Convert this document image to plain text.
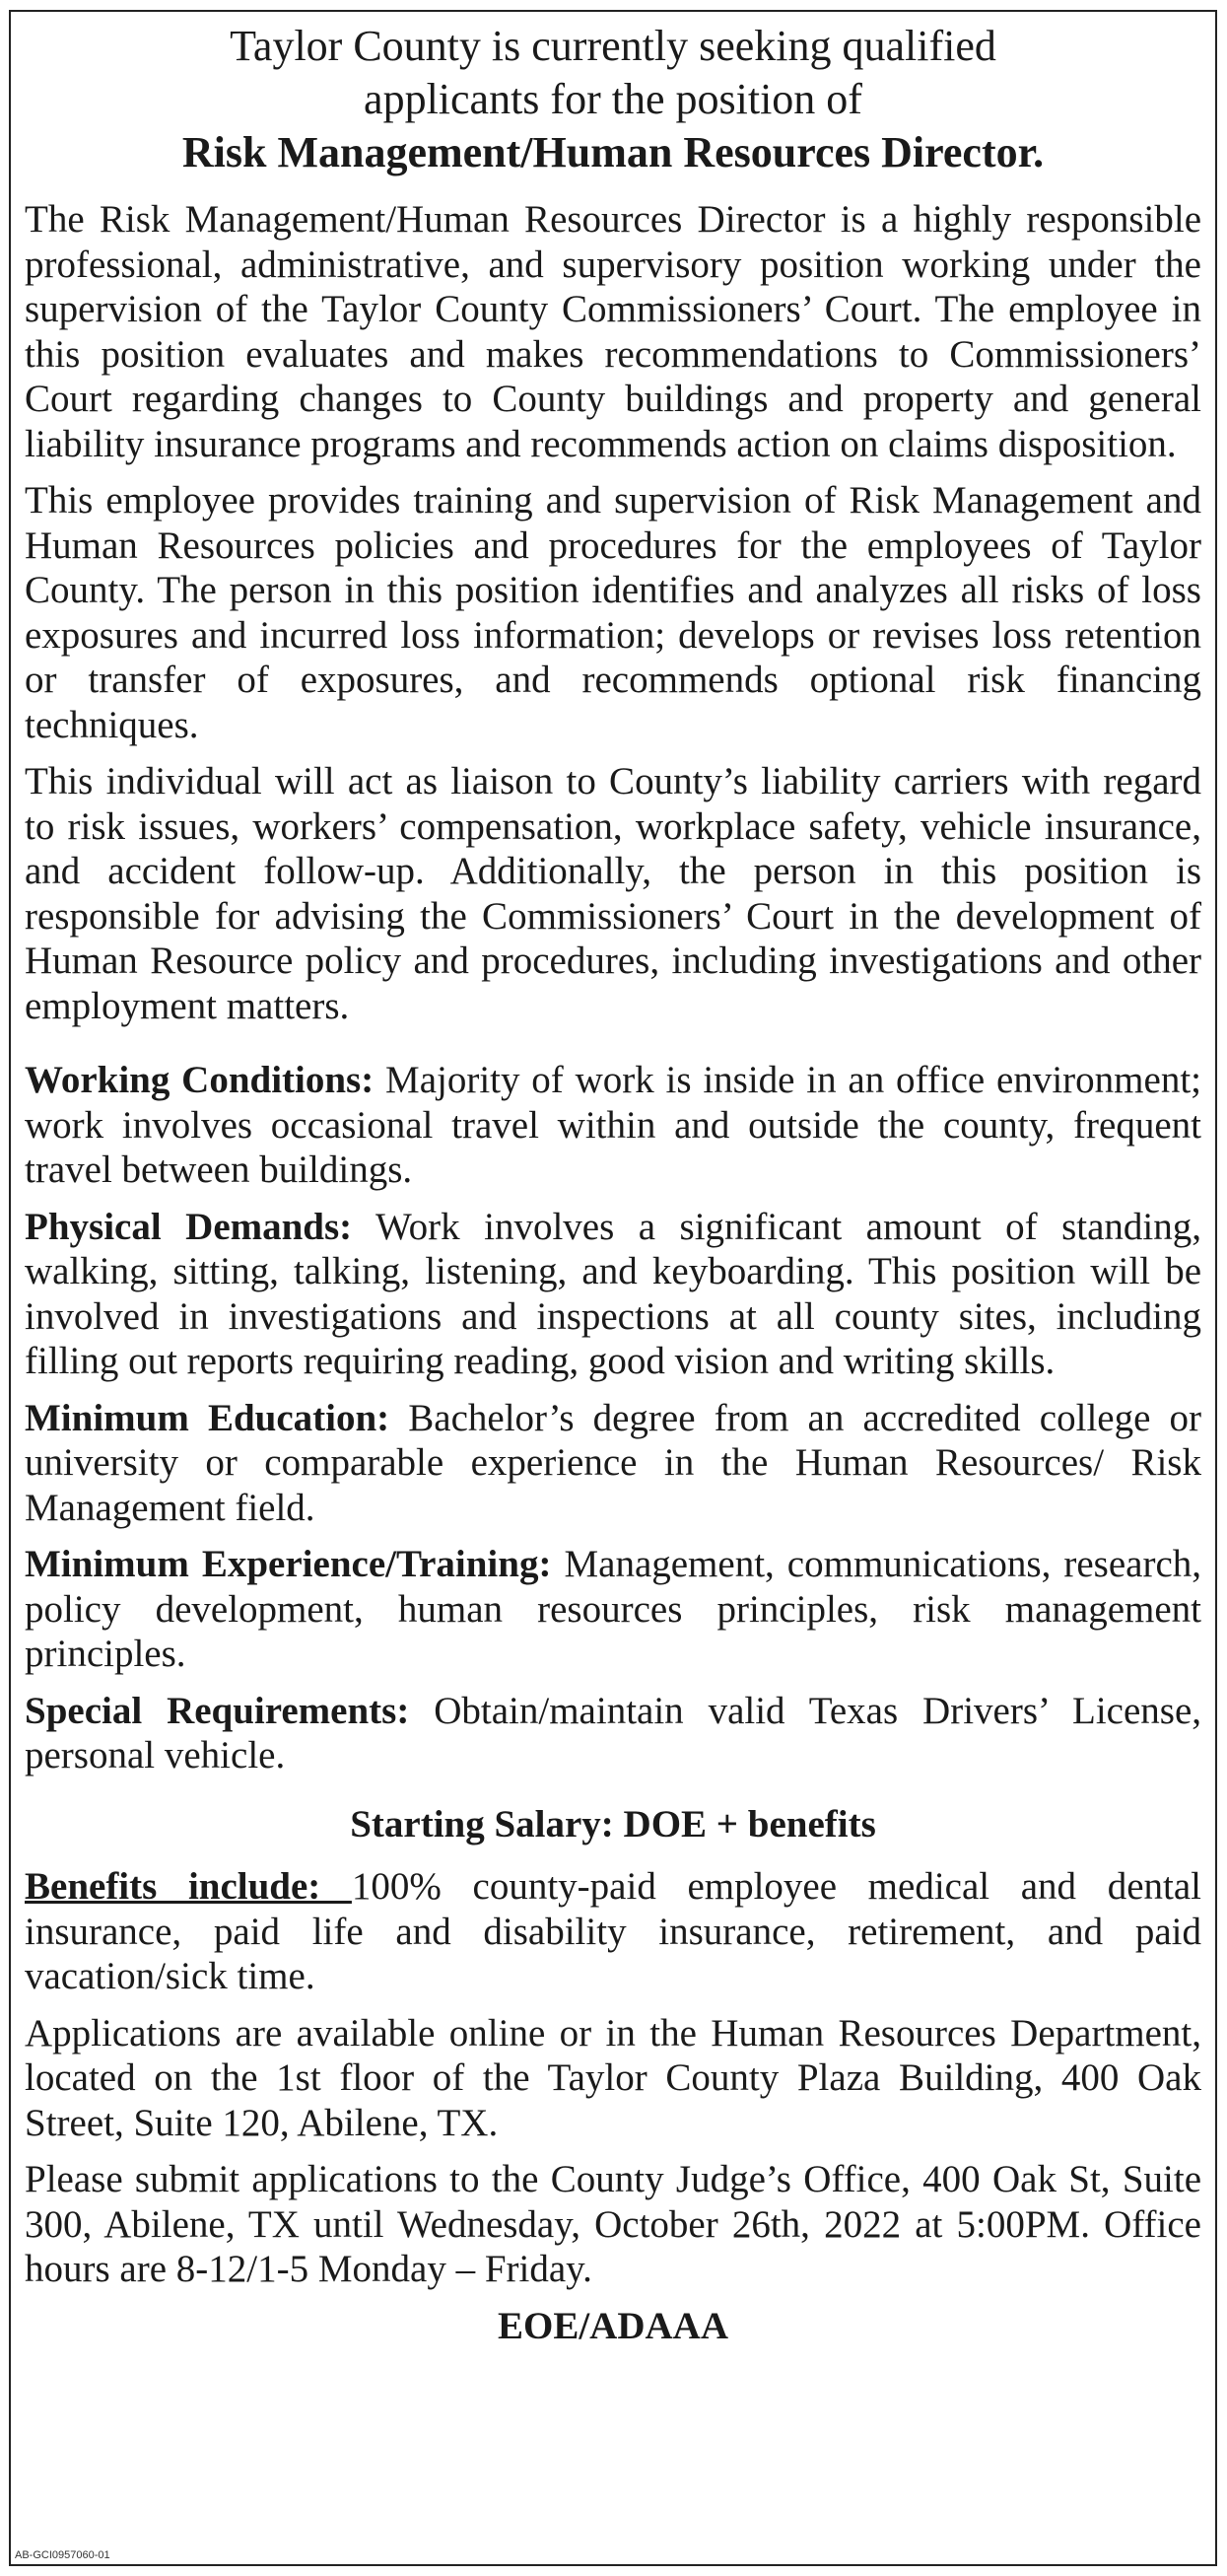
Taylor County is currently seeking qualified
applicants for the position of
Risk Management/Human Resources Director.

The Risk Management/Human Resources Director is a highly responsible professional, administrative, and supervisory position working under the supervision of the Taylor County Commissioners’ Court. The employee in this position evaluates and makes recommendations to Commissioners’ Court regarding changes to County buildings and property and general liability insurance programs and recommends action on claims disposition.

This employee provides training and supervision of Risk Management and Human Resources policies and procedures for the employees of Taylor County. The person in this position identifies and analyzes all risks of loss exposures and incurred loss information; develops or revises loss retention or transfer of exposures, and recommends optional risk financing techniques.

This individual will act as liaison to County’s liability carriers with regard to risk issues, workers’ compensation, workplace safety, vehicle insurance, and accident follow-up. Additionally, the person in this position is responsible for advising the Commissioners’ Court in the development of Human Resource policy and procedures, including investigations and other employment matters.

Working Conditions: Majority of work is inside in an office environment; work involves occasional travel within and outside the county, frequent travel between buildings.

Physical Demands: Work involves a significant amount of standing, walking, sitting, talking, listening, and keyboarding. This position will be involved in investigations and inspections at all county sites, including filling out reports requiring reading, good vision and writing skills.

Minimum Education: Bachelor’s degree from an accredited college or university or comparable experience in the Human Resources/ Risk Management field.

Minimum Experience/Training: Management, communications, research, policy development, human resources principles, risk management principles.

Special Requirements: Obtain/maintain valid Texas Drivers’ License, personal vehicle.

Starting Salary: DOE + benefits

Benefits include: 100% county-paid employee medical and dental insurance, paid life and disability insurance, retirement, and paid vacation/sick time.

Applications are available online or in the Human Resources Department, located on the 1st floor of the Taylor County Plaza Building, 400 Oak Street, Suite 120, Abilene, TX.

Please submit applications to the County Judge’s Office, 400 Oak St, Suite 300, Abilene, TX until Wednesday, October 26th, 2022 at 5:00PM. Office hours are 8-12/1-5 Monday – Friday.

EOE/ADAAA
AB-GCI0957060-01
